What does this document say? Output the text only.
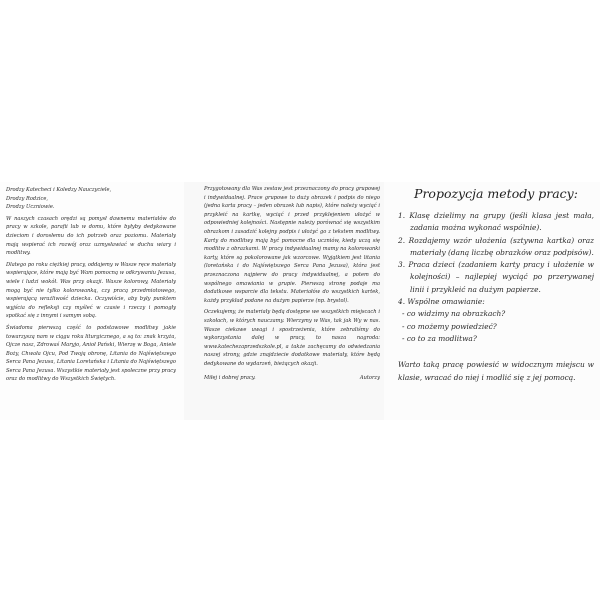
Drodzy Katecheci i Koledzy Nauczyciele,

Drodzy Rodzice,

Drodzy Uczniowie.

W naszych czasach orędzi są pomysł dawnemu materiałów do pracy w szkole, parafii lub w domu, które byłyby dedykowane dzieciom i dorosłemu do ich potrzeb oraz poziomu. Materiały mają wspierać ich rozwój oraz uzmysławiać w duchu wiary i modlitwy.

Dlatego po roku ciężkiej pracy, oddajemy w Wasze ręce materiały wspierające, które mają być Wam pomocną w odkrywaniu Jezusa, wiele i ludzi wokół. Was przy okazji. Wasze kolorowy, Materiały mogą być nie tylko kolorowanką, czy pracą przedmiotowego, wspierającą wrażliwość dziecka. Oczywiście, aby były punktem wyjścia do refleksji czy myśleć w czasie i rzeczy i pomogły spotkać się z innymi i samym sobą.

Świadoma pierwszą część to podstawowe modlitwy jakie towarzyszą nam w ciągu roku liturgicznego, a są to: znak krzyża, Ojcze nasz, Zdrowaś Maryjo, Anioł Pański, Wierzę w Boga, Aniele Boży, Chwała Ojcu, Pod Twoją obronę, Litania do Najświętszego Serca Pana Jezusa, Litania Loretańska i Litania do Najświętszego Serca Pana Jezusa. Wszystkie materiały jest spoleczne przy pracy oraz do modlitwy do Wszystkich Świętych.

Przygotowany dla Was zestaw jest przeznaczony do pracy grupowej i indywidualnej. Prace grupowe to duży obrazek i podpis do niego (jedna karta pracy – jeden obrazek lub napis), które należy wyciąć i przykleić na kartkę, wyciąć i przed przyklejeniem ułożyć w odpowiedniej kolejności. Następnie należy porównać się wszystkim obrazkom i zasadzić kolejny podpis i ułożyć go z tekstem modlitwy. Karty do modlitwy mają być pomocne dla uczniów, kiedy uczą się modlitw z obrazkami. W pracy indywidualnej mamy na kolorowanki karty, które są pokolorowane jak wzorcowe. Wyjątkiem jest litania (loretańska i do Najświętszego Serca Pana Jezusa), która jest przeznaczona najpierw do pracy indywidualnej, a potem do wspólnego omawiania w grupie. Pierwszą stronę podaje ma dodatkowe wsparcie dla tekstu. Materiałów do wszystkich kartek, każdy przykład podane na dużym papierze (np. brystol).

Oczekujemy, że materiały będą dostępne we wszystkich miejscach i szkołach, w których nauczamy. Wierzymy w Was, tak jak Wy w nas. Wasze ciekawe uwagi i spostrzeżenia, które zebraliśmy do wykorzystania dalej w pracy, to nasza nagroda: www.katechezaprzedszkole.pl, a także zachęcamy do odwiedzania naszej strony, gdzie znajdziecie dodatkowe materiały, które będą dedykowane do wydarzeń, bieżących okazji.

Miłej i dobrej pracy.	Autorzy
Propozycja metody pracy:

1. Klasę dzielimy na grupy (jeśli klasa jest mała, zadania można wykonać wspólnie).

2. Rozdajemy wzór ułożenia (sztywna kartka) oraz materiały (daną liczbę obrazków oraz podpisów).

3. Praca dzieci (zadaniem karty pracy i ułożenie w kolejności) – najlepiej wyciąć po przerywanej linii i przykleić na dużym papierze.

4. Wspólne omawianie:

- co widzimy na obrazkach?

- co możemy powiedzieć?

- co to za modlitwa?

Warto taką pracę powiesić w widocznym miejscu w klasie, wracać do niej i modlić się z jej pomocą.
